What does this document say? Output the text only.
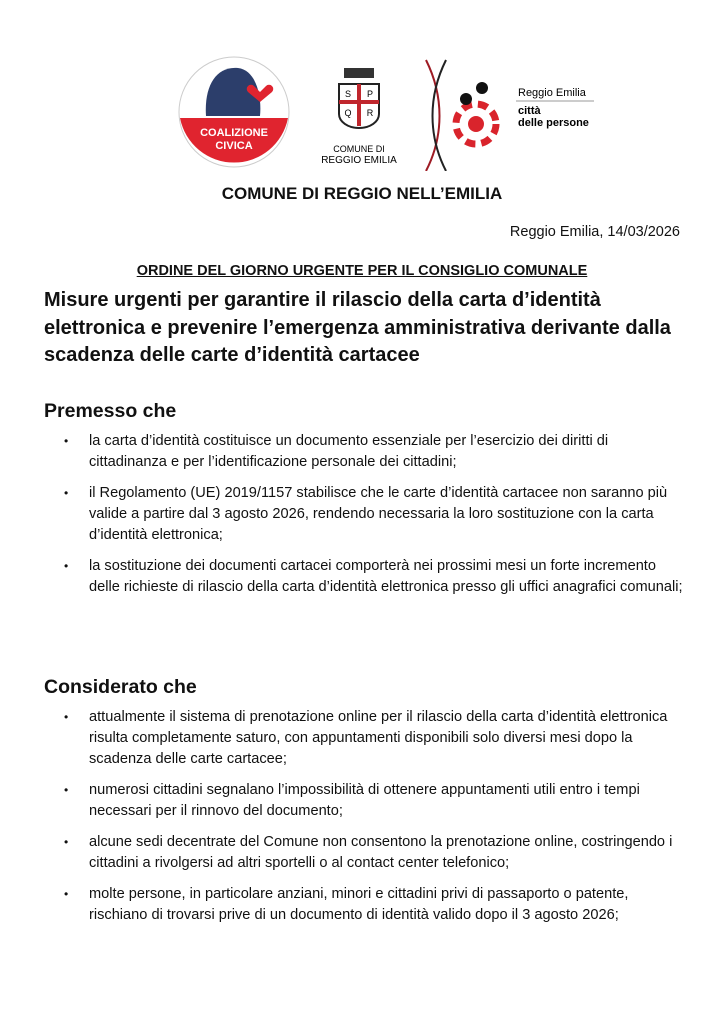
COALIZIONE
CIVICA
S P
Q R
COMUNE DI
REGGIO EMILIA
Reggio Emilia
città
delle persone
COMUNE DI REGGIO NELL’EMILIA
Reggio Emilia, 14/03/2026
ORDINE DEL GIORNO URGENTE PER IL CONSIGLIO COMUNALE
Misure urgenti per garantire il rilascio della carta d’identità elettronica e prevenire l’emergenza amministrativa derivante dalla scadenza delle carte d’identità cartacee
Premesso che
• la carta d’identità costituisce un documento essenziale per l’esercizio dei diritti di cittadinanza e per l’identificazione personale dei cittadini;
• il Regolamento (UE) 2019/1157 stabilisce che le carte d’identità cartacee non saranno più valide a partire dal 3 agosto 2026, rendendo necessaria la loro sostituzione con la carta d’identità elettronica;
• la sostituzione dei documenti cartacei comporterà nei prossimi mesi un forte incremento delle richieste di rilascio della carta d’identità elettronica presso gli uffici anagrafici comunali;
Considerato che
• attualmente il sistema di prenotazione online per il rilascio della carta d’identità elettronica risulta completamente saturo, con appuntamenti disponibili solo diversi mesi dopo la scadenza delle carte cartacee;
• numerosi cittadini segnalano l’impossibilità di ottenere appuntamenti utili entro i tempi necessari per il rinnovo del documento;
• alcune sedi decentrate del Comune non consentono la prenotazione online, costringendo i cittadini a rivolgersi ad altri sportelli o al contact center telefonico;
• molte persone, in particolare anziani, minori e cittadini privi di passaporto o patente, rischiano di trovarsi prive di un documento di identità valido dopo il 3 agosto 2026;
